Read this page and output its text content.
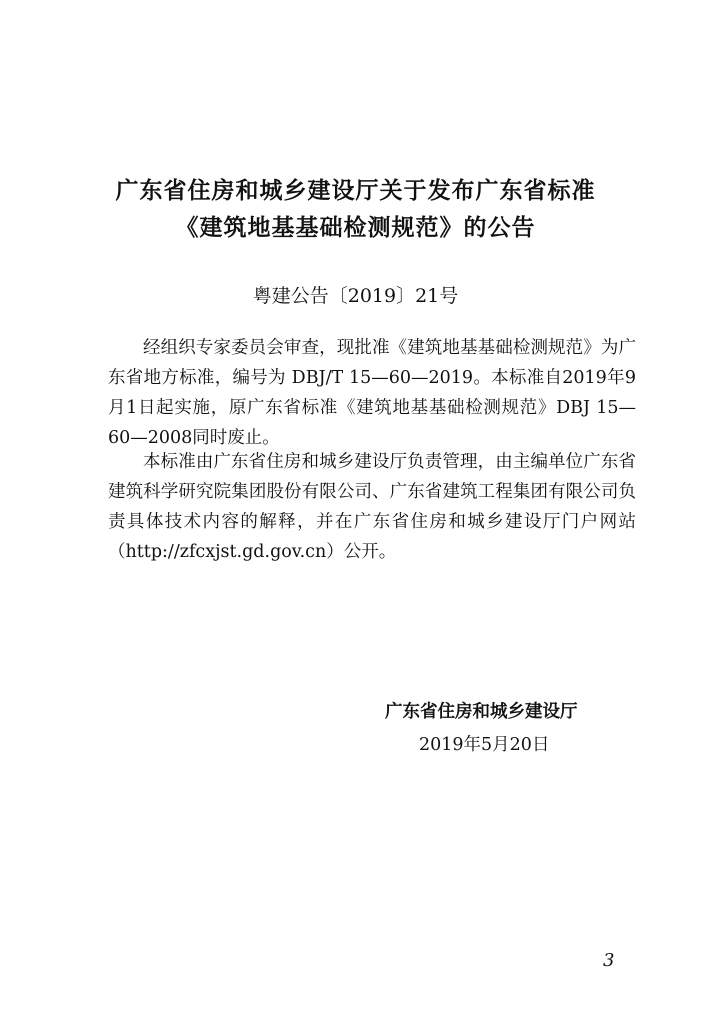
广东省住房和城乡建设厅关于发布广东省标准
《建筑地基基础检测规范》的公告

粤建公告〔2019〕21号

经组织专家委员会审查，现批准《建筑地基基础检测规范》为广东省地方标准，编号为 DBJ/T 15—60—2019。本标准自2019年9月1日起实施，原广东省标准《建筑地基基础检测规范》DBJ 15—60—2008同时废止。

本标准由广东省住房和城乡建设厅负责管理，由主编单位广东省建筑科学研究院集团股份有限公司、广东省建筑工程集团有限公司负责具体技术内容的解释，并在广东省住房和城乡建设厅门户网站（http://zfcxjst.gd.gov.cn）公开。

广东省住房和城乡建设厅

2019年5月20日

3
